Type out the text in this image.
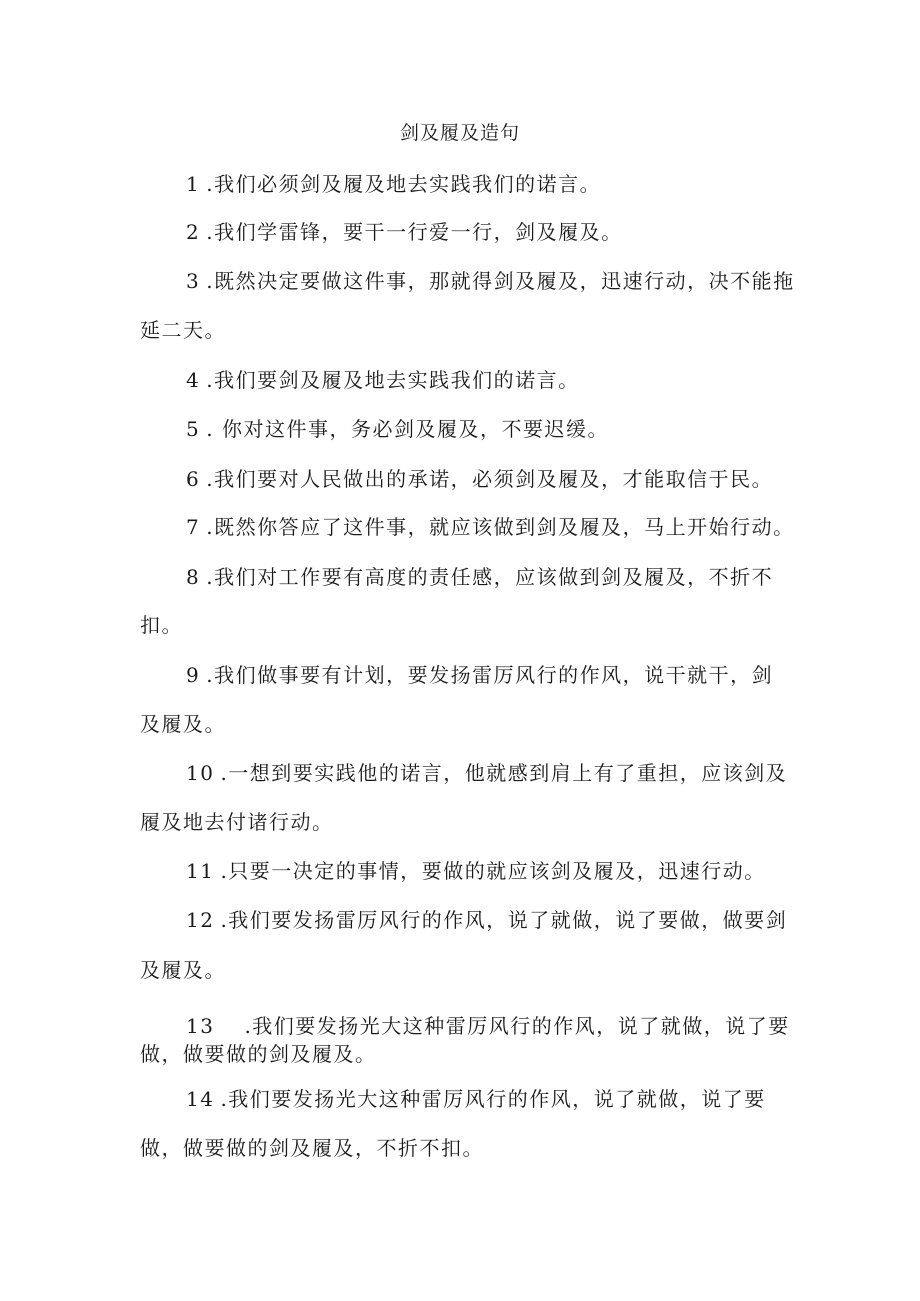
剑及履及造句
1 .我们必须剑及履及地去实践我们的诺言。
2 .我们学雷锋，要干一行爱一行，剑及履及。
3 .既然决定要做这件事，那就得剑及履及，迅速行动，决不能拖
延二天。
4 .我们要剑及履及地去实践我们的诺言。
5 . 你对这件事，务必剑及履及，不要迟缓。
6 .我们要对人民做出的承诺，必须剑及履及，才能取信于民。
7 .既然你答应了这件事，就应该做到剑及履及，马上开始行动。
8 .我们对工作要有高度的责任感，应该做到剑及履及，不折不
扣。
9 .我们做事要有计划，要发扬雷厉风行的作风，说干就干，剑
及履及。
10 .一想到要实践他的诺言，他就感到肩上有了重担，应该剑及
履及地去付诸行动。
11 .只要一决定的事情，要做的就应该剑及履及，迅速行动。
12 .我们要发扬雷厉风行的作风，说了就做，说了要做，做要剑
及履及。
13 .我们要发扬光大这种雷厉风行的作风，说了就做，说了要
做，做要做的剑及履及。
14 .我们要发扬光大这种雷厉风行的作风，说了就做，说了要
做，做要做的剑及履及，不折不扣。
